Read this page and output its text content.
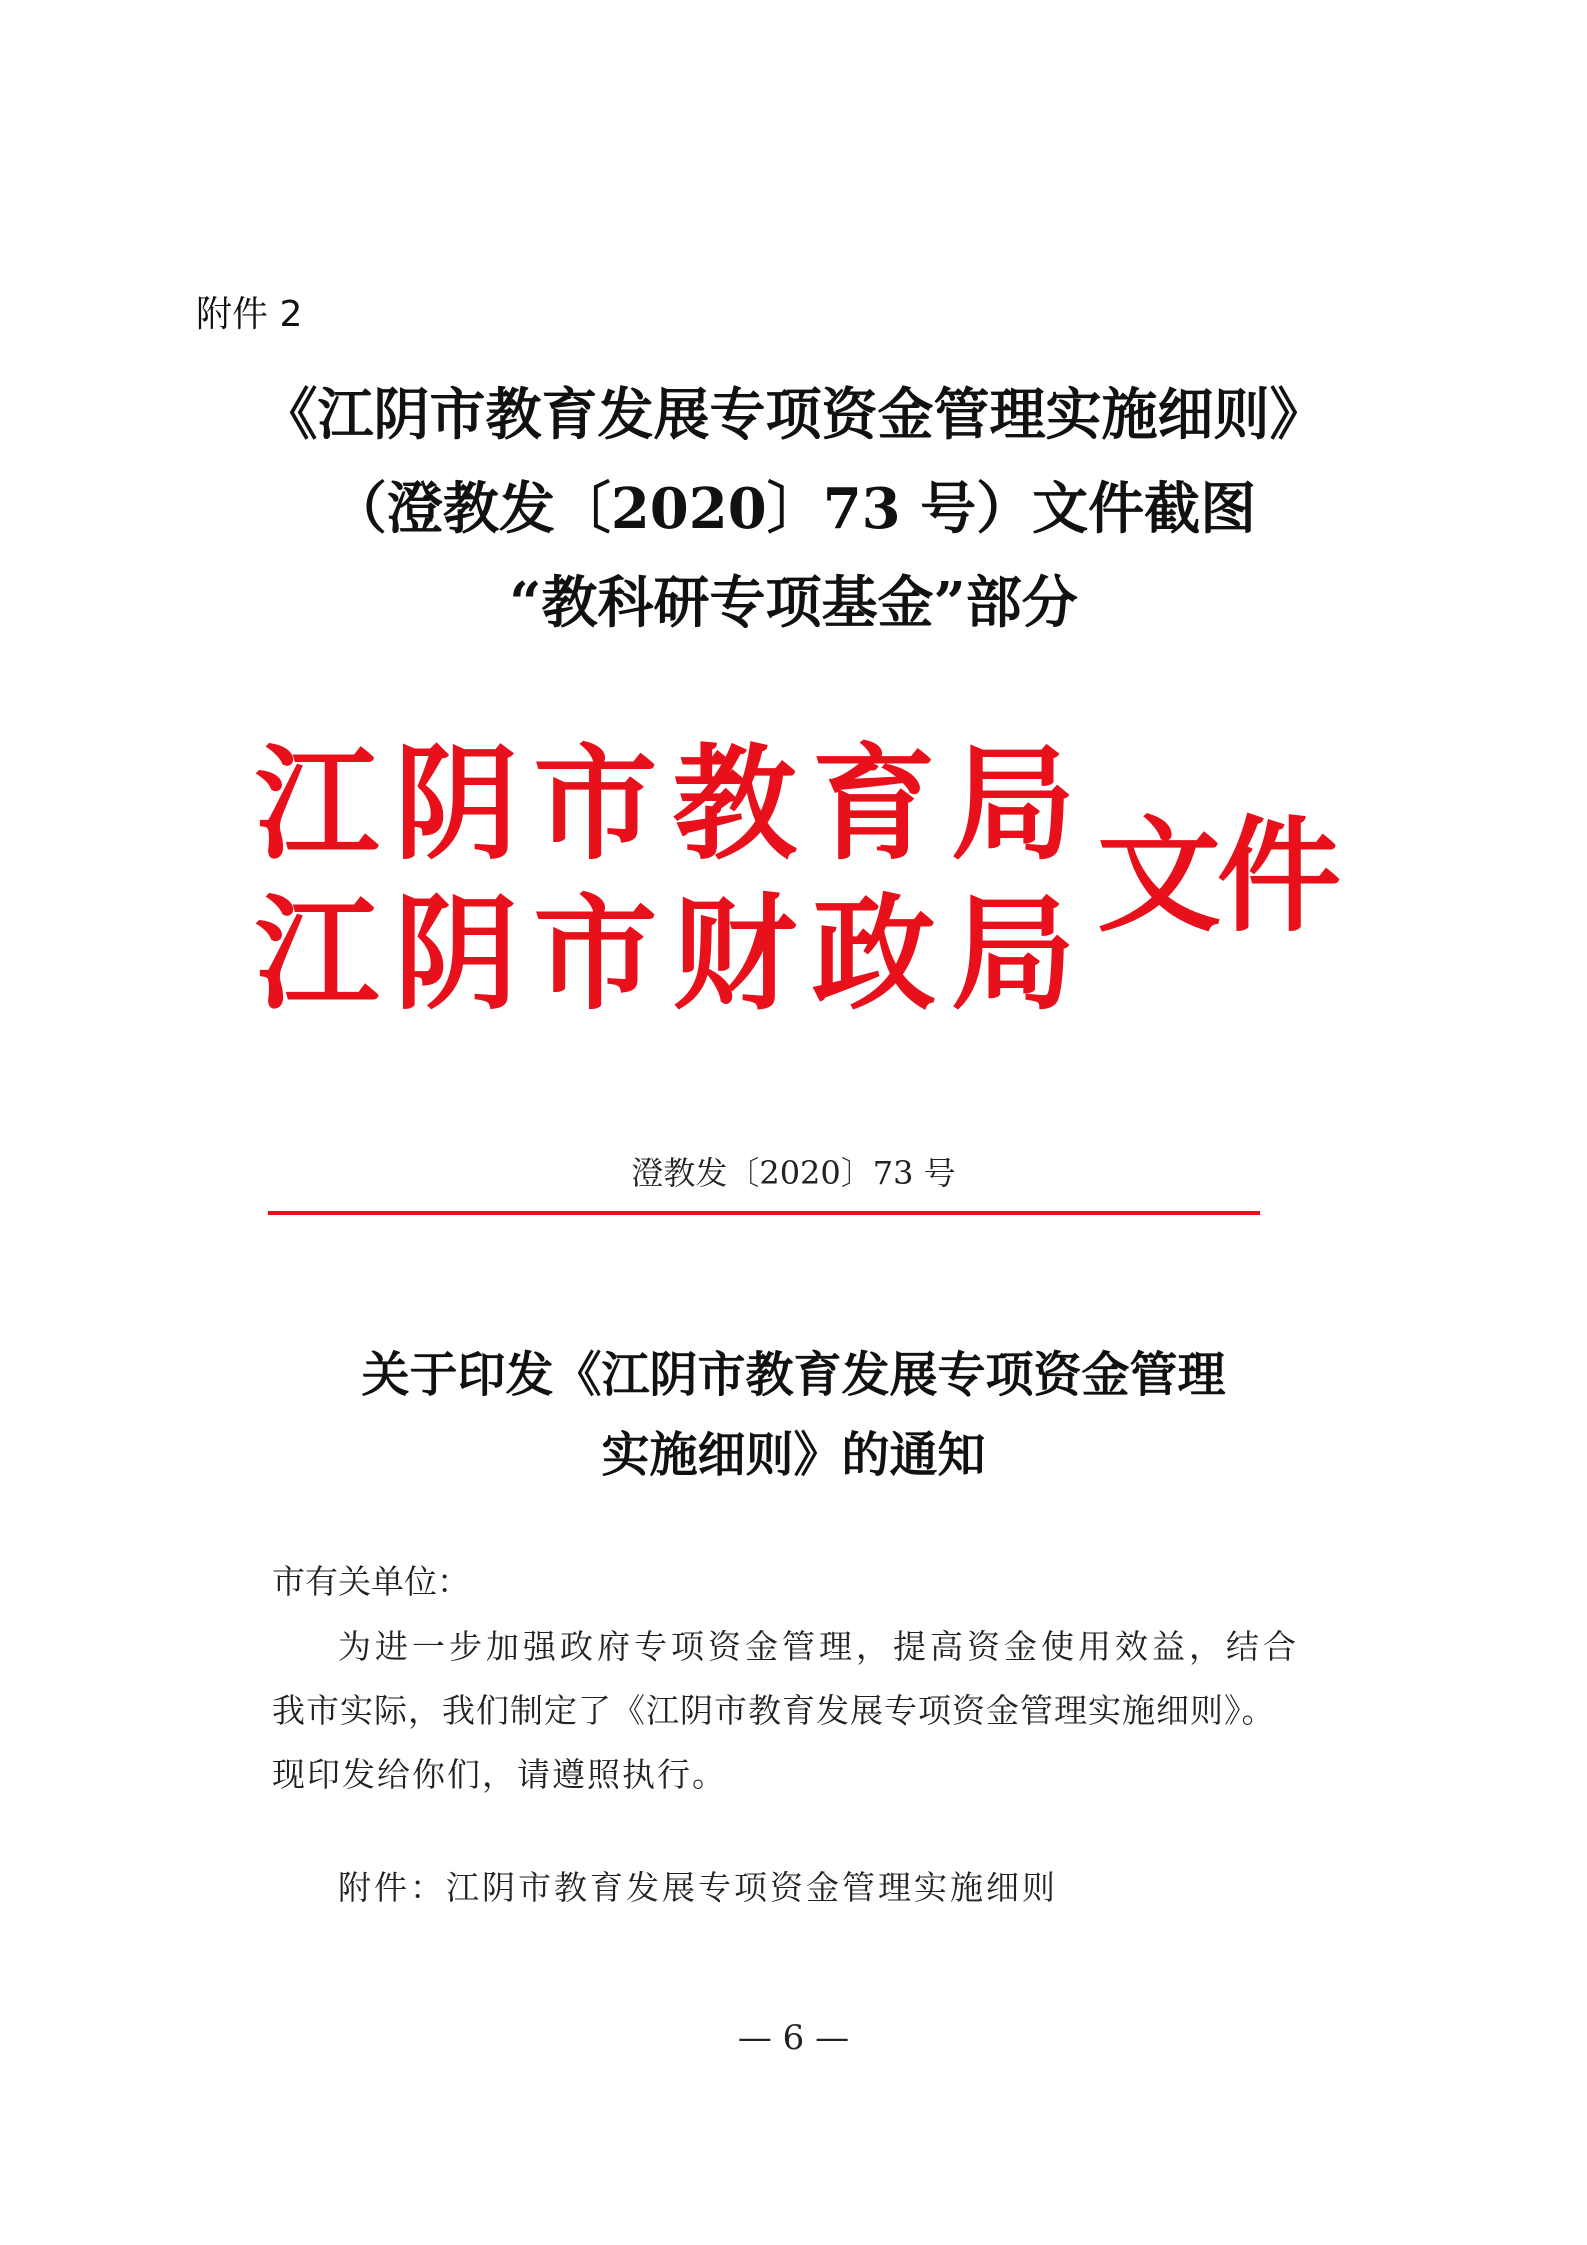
附件 2
《江阴市教育发展专项资金管理实施细则》
（澄教发〔2020〕73 号）文件截图
“教科研专项基金”部分
江 阴 市 教 育 局
江 阴 市 财 政 局
文件
澄教发〔2020〕73 号
关于印发《江阴市教育发展专项资金管理
实施细则》的通知
市有关单位：
为进一步加强政府专项资金管理，提高资金使用效益，结合
我市实际，我们制定了《江阴市教育发展专项资金管理实施细则》。
现印发给你们，请遵照执行。
附件：江阴市教育发展专项资金管理实施细则
— 6 —
